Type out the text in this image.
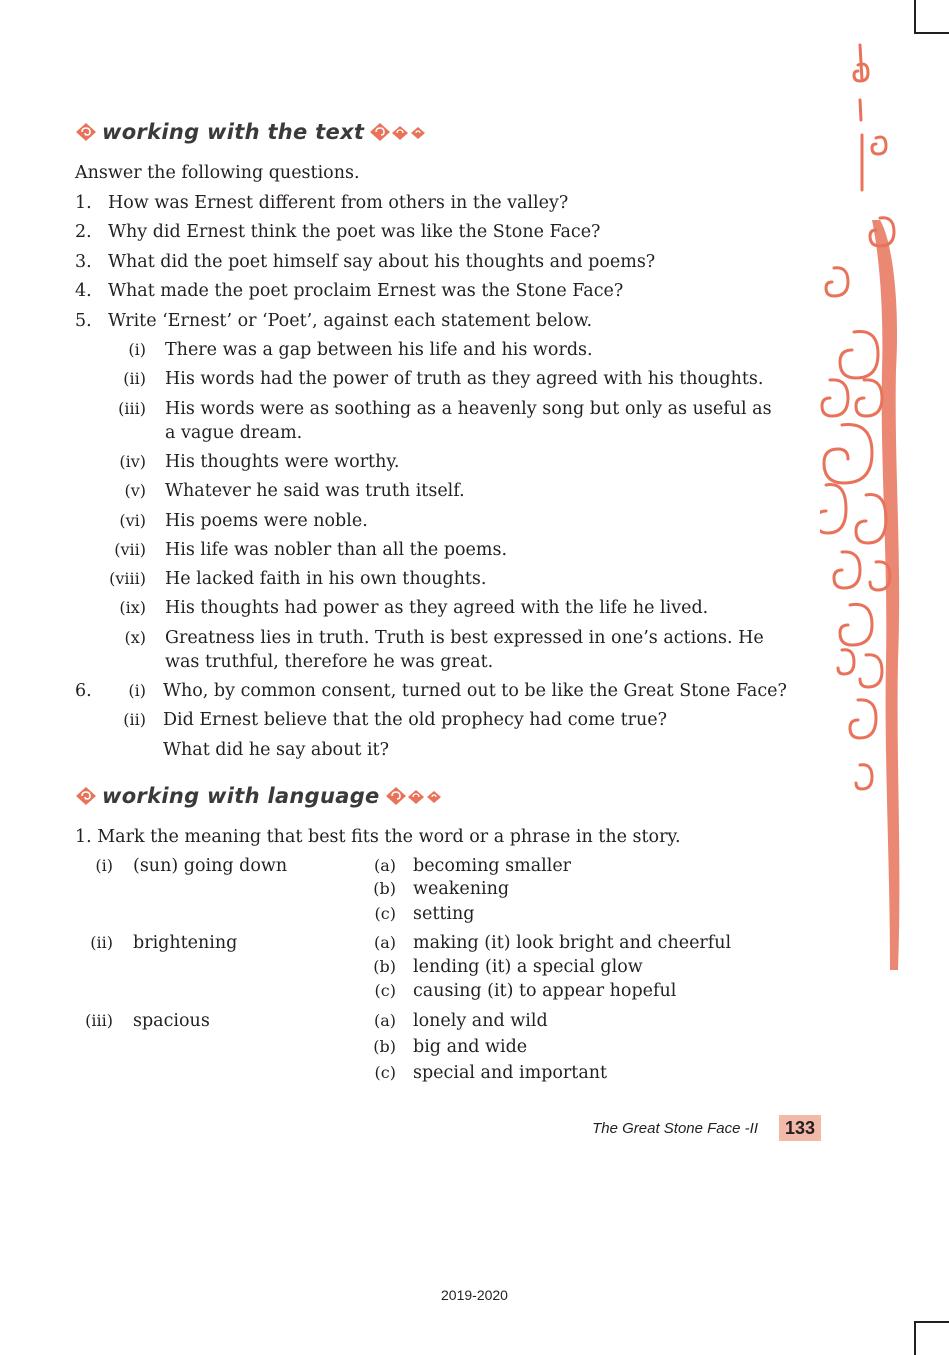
working with the text
Answer the following questions.
1. How was Ernest different from others in the valley?
2. Why did Ernest think the poet was like the Stone Face?
3. What did the poet himself say about his thoughts and poems?
4. What made the poet proclaim Ernest was the Stone Face?
5. Write ‘Ernest’ or ‘Poet’, against each statement below.
(i) There was a gap between his life and his words.
(ii) His words had the power of truth as they agreed with his thoughts.
(iii) His words were as soothing as a heavenly song but only as useful as
a vague dream.
(iv) His thoughts were worthy.
(v) Whatever he said was truth itself.
(vi) His poems were noble.
(vii) His life was nobler than all the poems.
(viii) He lacked faith in his own thoughts.
(ix) His thoughts had power as they agreed with the life he lived.
(x) Greatness lies in truth. Truth is best expressed in one’s actions. He
was truthful, therefore he was great.
6.	(i) Who, by common consent, turned out to be like the Great Stone Face?
(ii) Did Ernest believe that the old prophecy had come true?
What did he say about it?
working with language
1. Mark the meaning that best fits the word or a phrase in the story.
(i) (sun) going down	(a) becoming smaller
(b) weakening
(c) setting
(ii) brightening	(a) making (it) look bright and cheerful
(b) lending (it) a special glow
(c) causing (it) to appear hopeful
(iii) spacious	(a) lonely and wild
(b) big and wide
(c) special and important
The Great Stone Face -II	133
2019-2020
